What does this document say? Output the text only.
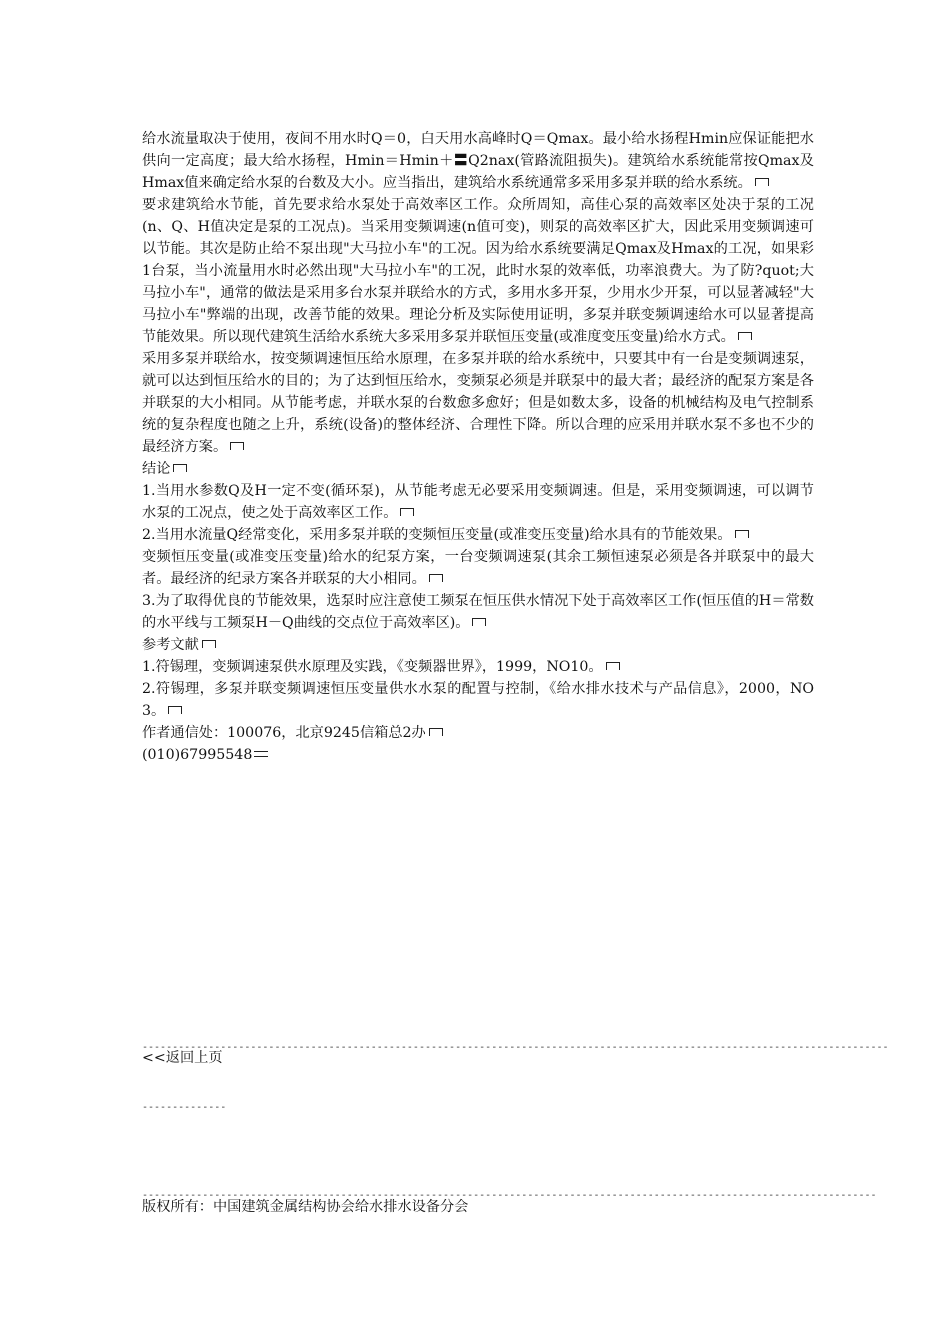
给水流量取决于使用，夜间不用水时Q＝0，白天用水高峰时Q＝Qmax。最小给水扬程Hmin应保证能把水供向一定高度；最大给水扬程，Hmin＝Hmin＋〓Q2nax(管路流阻损失)。建筑给水系统能常按Qmax及Hmax值来确定给水泵的台数及大小。应当指出，建筑给水系统通常多采用多泵并联的给水系统。

要求建筑给水节能，首先要求给水泵处于高效率区工作。众所周知，高佳心泵的高效率区处决于泵的工况(n、Q、H值决定是泵的工况点)。当采用变频调速(n值可变)，则泵的高效率区扩大，因此采用变频调速可以节能。其次是防止给不泵出现"大马拉小车"的工况。因为给水系统要满足Qmax及Hmax的工况，如果彩1台泵，当小流量用水时必然出现"大马拉小车"的工况，此时水泵的效率低，功率浪费大。为了防?quot;大马拉小车"，通常的做法是采用多台水泵并联给水的方式，多用水多开泵，少用水少开泵，可以显著减轻"大马拉小车"弊端的出现，改善节能的效果。理论分析及实际使用证明，多泵并联变频调速给水可以显著提高节能效果。所以现代建筑生活给水系统大多采用多泵并联恒压变量(或准度变压变量)给水方式。

采用多泵并联给水，按变频调速恒压给水原理，在多泵并联的给水系统中，只要其中有一台是变频调速泵，就可以达到恒压给水的目的；为了达到恒压给水，变频泵必须是并联泵中的最大者；最经济的配泵方案是各并联泵的大小相同。从节能考虑，并联水泵的台数愈多愈好；但是如数太多，设备的机械结构及电气控制系统的复杂程度也随之上升，系统(设备)的整体经济、合理性下降。所以合理的应采用并联水泵不多也不少的最经济方案。

结论

1.当用水参数Q及H一定不变(循环泵)，从节能考虑无必要采用变频调速。但是，采用变频调速，可以调节水泵的工况点，使之处于高效率区工作。

2.当用水流量Q经常变化，采用多泵并联的变频恒压变量(或准变压变量)给水具有的节能效果。

变频恒压变量(或准变压变量)给水的纪泵方案，一台变频调速泵(其余工频恒速泵必须是各并联泵中的最大者。最经济的纪录方案各并联泵的大小相同。

3.为了取得优良的节能效果，选泵时应注意使工频泵在恒压供水情况下处于高效率区工作(恒压值的H＝常数的水平线与工频泵H－Q曲线的交点位于高效率区)。

参考文献

1.符锡理，变频调速泵供水原理及实践，《变频器世界》，1999，NO10。

2.符锡理，多泵并联变频调速恒压变量供水水泵的配置与控制，《给水排水技术与产品信息》，2000，NO3。

作者通信处：100076，北京9245信箱总2办

(010)67995548

----------------------------------------------------------------------------------------------------------------------------

--------------

<<返回上页

--------------------------------------------------------------------------------------------------------------------------

版权所有：中国建筑金属结构协会给水排水设备分会
